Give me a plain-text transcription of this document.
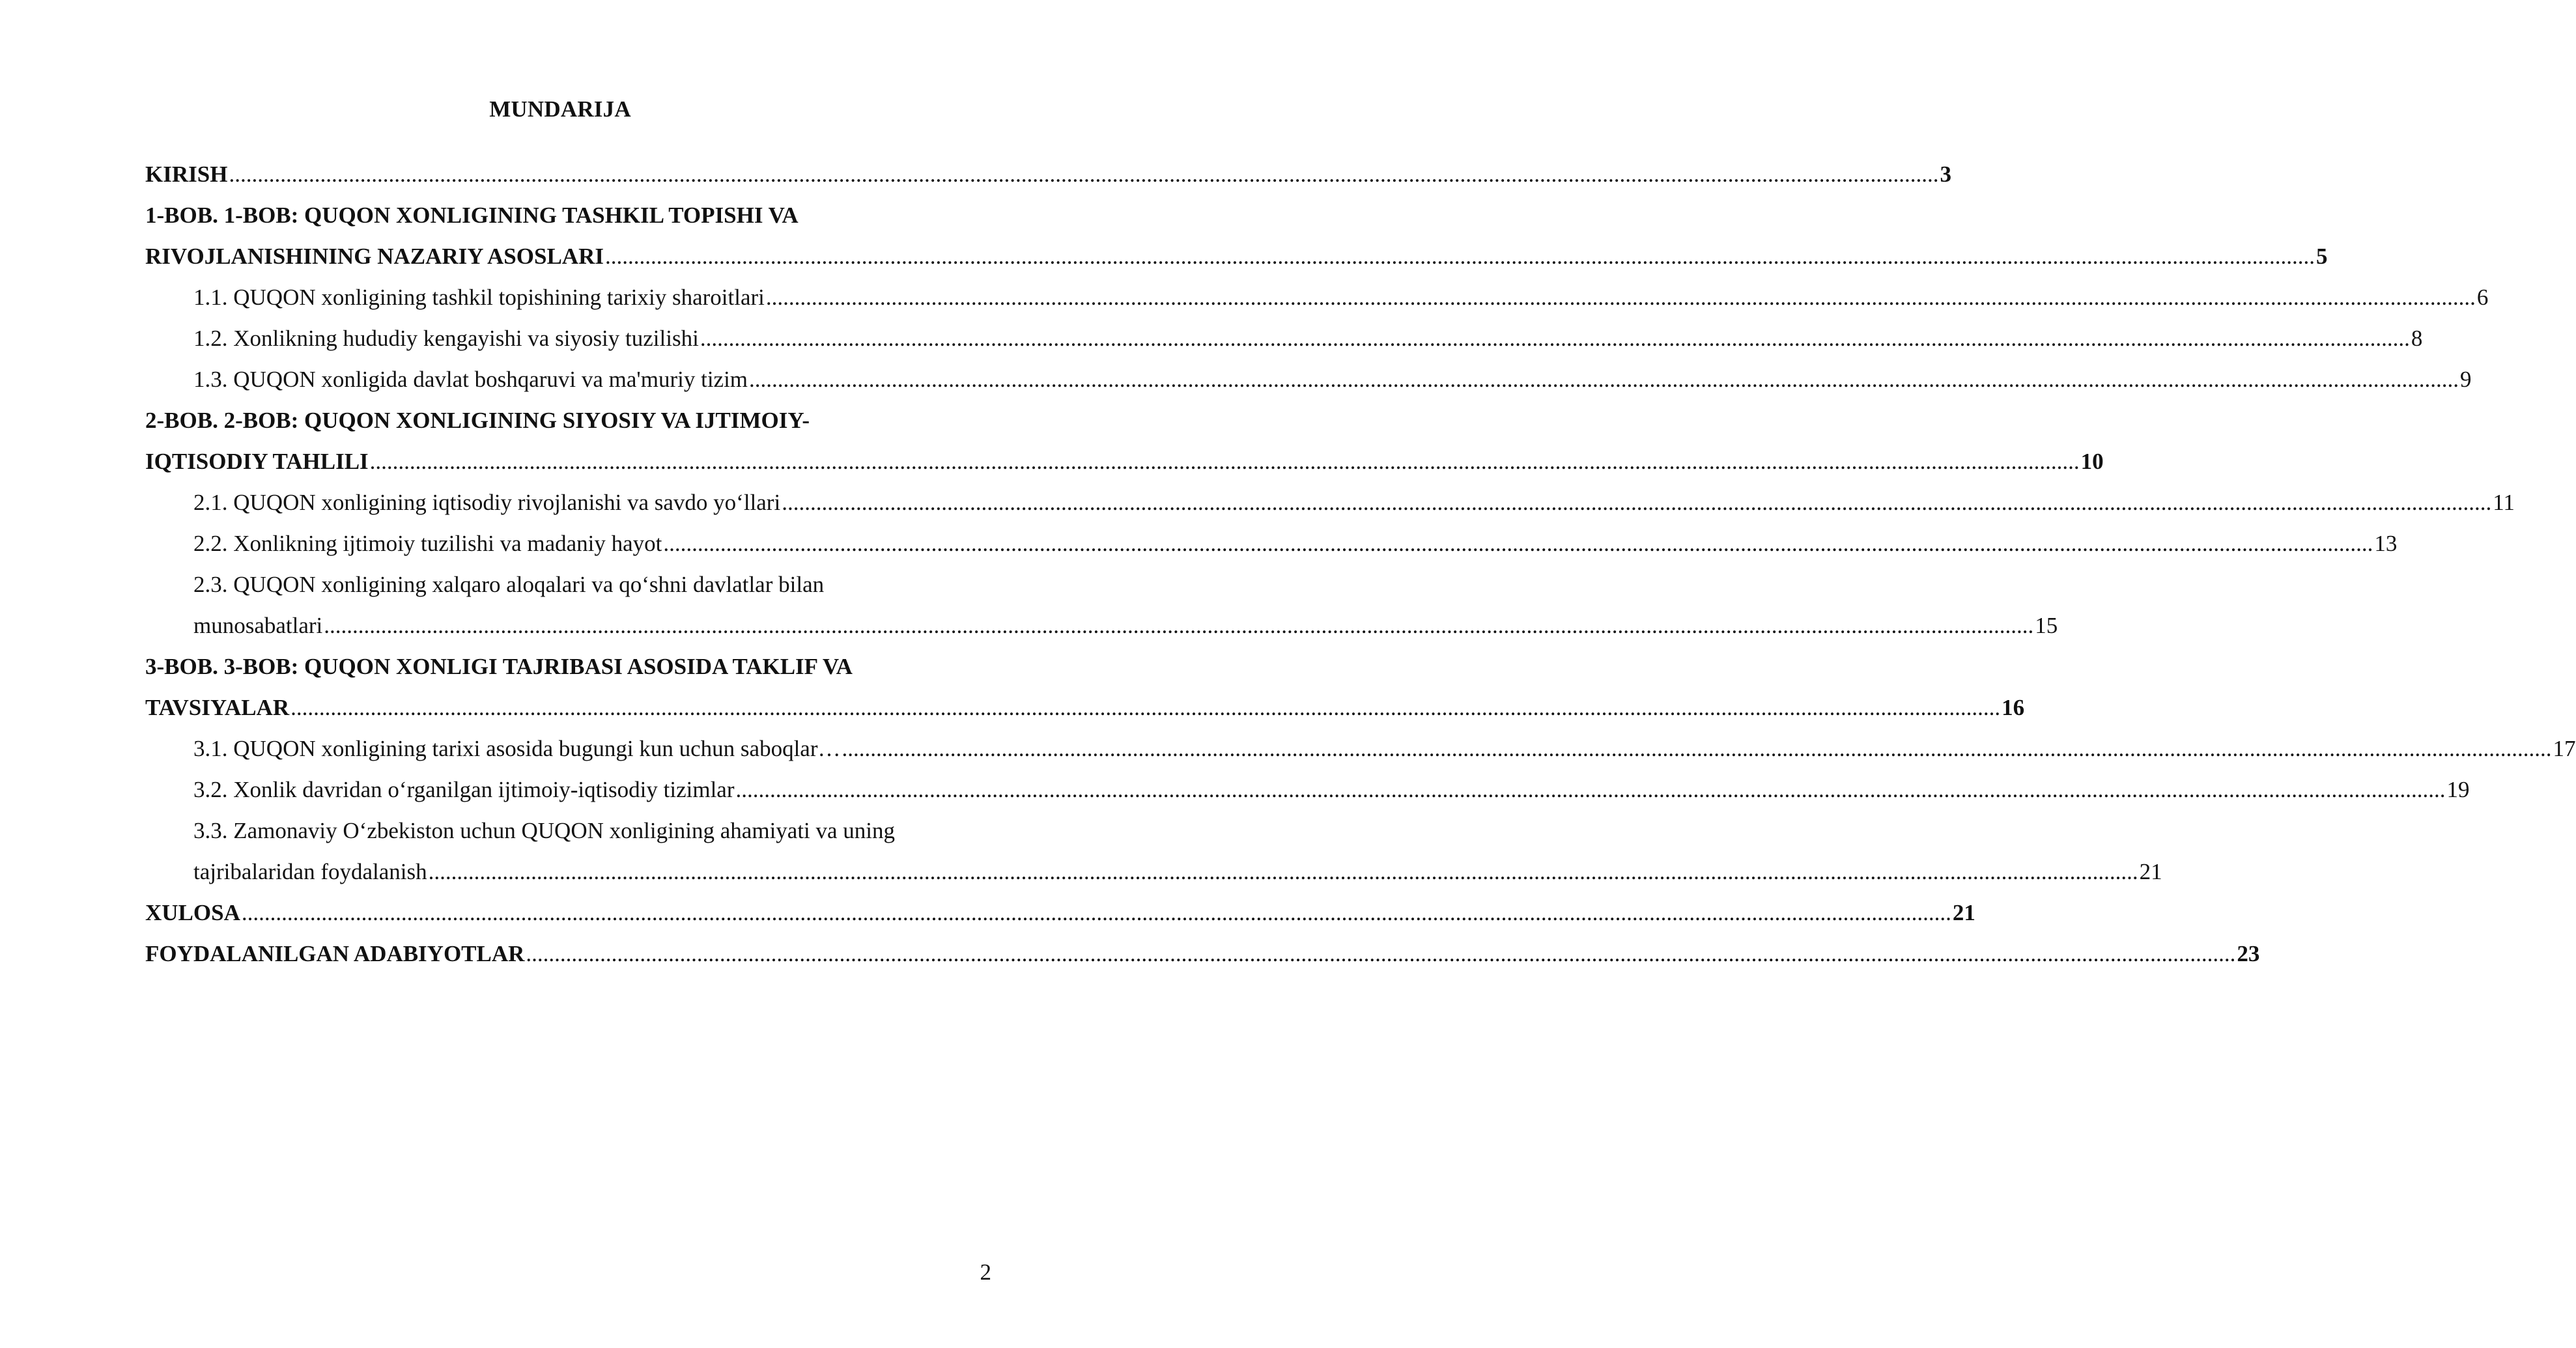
MUNDARIJA
KIRISH ............................................................................................................................................................................................................................................................................................................ 3
1-BOB. 1-BOB: QUQON XONLIGINING TASHKIL TOPISHI VA
RIVOJLANISHINING NAZARIY ASOSLARI ............................................................................................................................................................................................................................................................................................................ 5
1.1. QUQON xonligining tashkil topishining tarixiy sharoitlari ............................................................................................................................................................................................................................................................................................................ 6
1.2. Xonlikning hududiy kengayishi va siyosiy tuzilishi ............................................................................................................................................................................................................................................................................................................ 8
1.3. QUQON xonligida davlat boshqaruvi va ma'muriy tizim ............................................................................................................................................................................................................................................................................................................ 9
2-BOB. 2-BOB: QUQON XONLIGINING SIYOSIY VA IJTIMOIY-
IQTISODIY TAHLILI ............................................................................................................................................................................................................................................................................................................ 10
2.1. QUQON xonligining iqtisodiy rivojlanishi va savdo yo‘llari ............................................................................................................................................................................................................................................................................................................ 11
2.2. Xonlikning ijtimoiy tuzilishi va madaniy hayot ............................................................................................................................................................................................................................................................................................................ 13
2.3. QUQON xonligining xalqaro aloqalari va qo‘shni davlatlar bilan
munosabatlari ............................................................................................................................................................................................................................................................................................................ 15
3-BOB. 3-BOB: QUQON XONLIGI TAJRIBASI ASOSIDA TAKLIF VA
TAVSIYALAR ............................................................................................................................................................................................................................................................................................................ 16
3.1. QUQON xonligining tarixi asosida bugungi kun uchun saboqlar… ............................................................................................................................................................................................................................................................................................................ 17
3.2. Xonlik davridan o‘rganilgan ijtimoiy-iqtisodiy tizimlar ............................................................................................................................................................................................................................................................................................................ 19
3.3. Zamonaviy O‘zbekiston uchun QUQON xonligining ahamiyati va uning
tajribalaridan foydalanish ............................................................................................................................................................................................................................................................................................................ 21
XULOSA ............................................................................................................................................................................................................................................................................................................ 21
FOYDALANILGAN ADABIYOTLAR ............................................................................................................................................................................................................................................................................................................ 23
2
